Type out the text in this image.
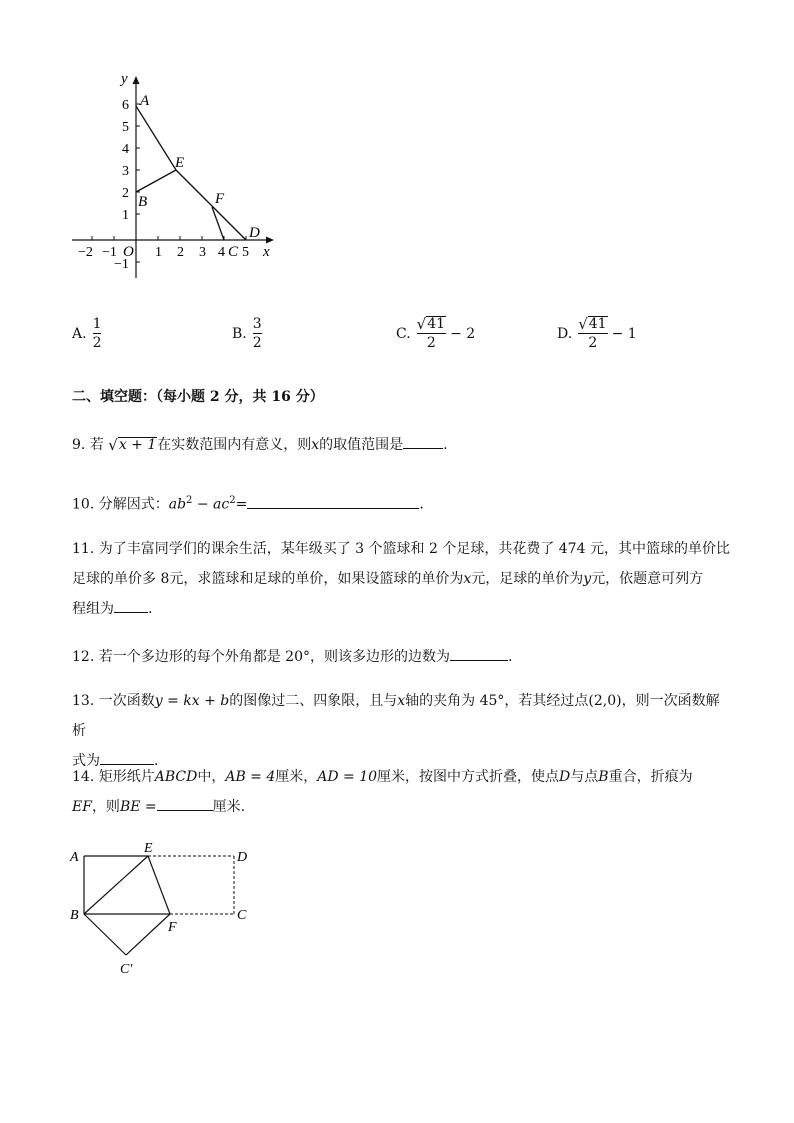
y
x
O
A
B
E
F
D
C
6
5
4
3
2
1
−1
−2 −1	1 2 3 4 5
A. $\frac{1}{2}$	B. $\frac{3}{2}$	C. $\frac{√ 41}{2} - 2$	D. $\frac{√ 41}{2} - 1$
二、填空题：（每小题 2 分，共 16 分）
9. 若 √ x + 1 在实数范围内有意义，则x的取值范围是	.
10. 分解因式：$ab^2 - ac^2=$	.
11. 为了丰富同学们的课余生活，某年级买了 3 个篮球和 2 个足球，共花费了 474 元，其中篮球的单价比
足球的单价多 8元，求篮球和足球的单价，如果设篮球的单价为x元，足球的单价为y元，依题意可列方
程组为 .
12. 若一个多边形的每个外角都是 20°，则该多边形的边数为	.
13. 一次函数y = kx + b的图像过二、四象限，且与x轴的夹角为 45°，若其经过点(2,0)，则一次函数解析
式为	.
14. 矩形纸片ABCD中，AB = 4厘米，AD = 10厘米，按图中方式折叠，使点D与点B重合，折痕为
EF，则BE =	厘米.
A
E
D
B
F
C
C′
